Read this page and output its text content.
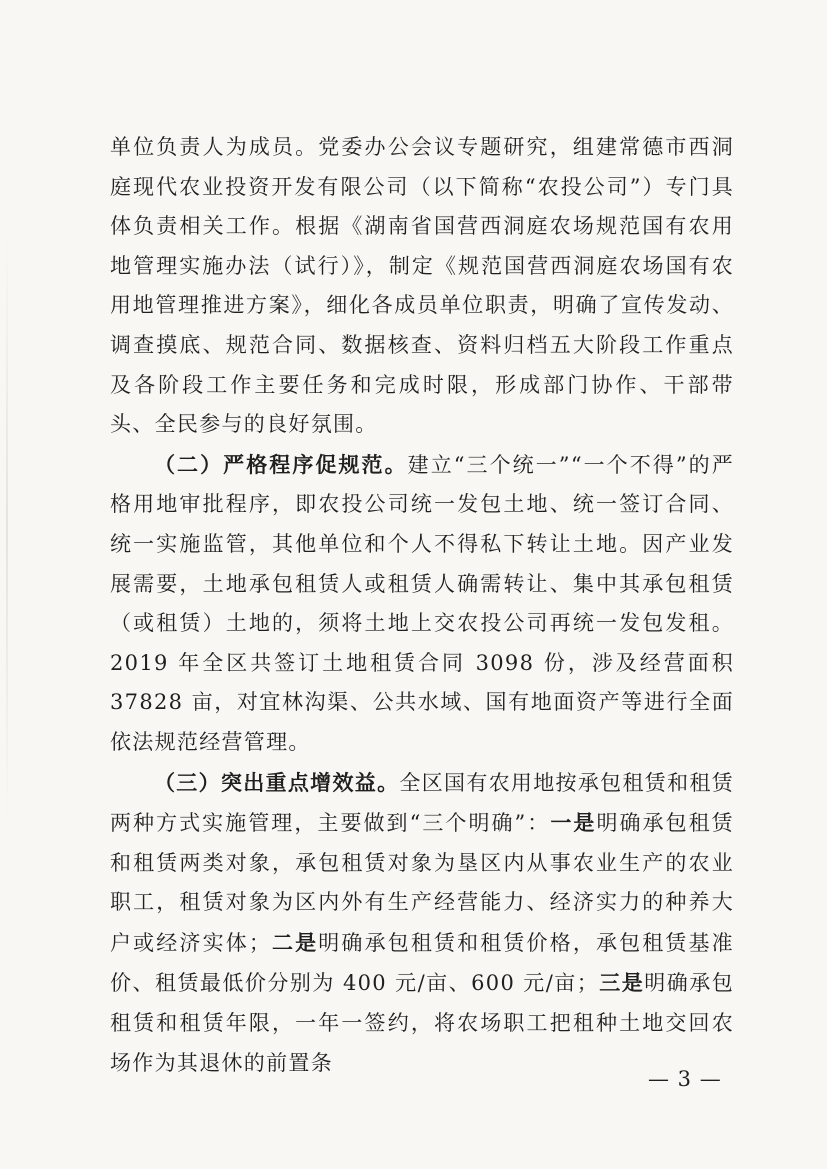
单位负责人为成员。党委办公会议专题研究，组建常德市西洞庭现代农业投资开发有限公司（以下简称“农投公司”）专门具体负责相关工作。根据《湖南省国营西洞庭农场规范国有农用地管理实施办法（试行）》，制定《规范国营西洞庭农场国有农用地管理推进方案》，细化各成员单位职责，明确了宣传发动、调查摸底、规范合同、数据核查、资料归档五大阶段工作重点及各阶段工作主要任务和完成时限，形成部门协作、干部带头、全民参与的良好氛围。

（二）严格程序促规范。建立“三个统一”“一个不得”的严格用地审批程序，即农投公司统一发包土地、统一签订合同、统一实施监管，其他单位和个人不得私下转让土地。因产业发展需要，土地承包租赁人或租赁人确需转让、集中其承包租赁（或租赁）土地的，须将土地上交农投公司再统一发包发租。2019 年全区共签订土地租赁合同 3098 份，涉及经营面积 37828 亩，对宜林沟渠、公共水域、国有地面资产等进行全面依法规范经营管理。

（三）突出重点增效益。全区国有农用地按承包租赁和租赁两种方式实施管理，主要做到“三个明确”：一是明确承包租赁和租赁两类对象，承包租赁对象为垦区内从事农业生产的农业职工，租赁对象为区内外有生产经营能力、经济实力的种养大户或经济实体；二是明确承包租赁和租赁价格，承包租赁基准价、租赁最低价分别为 400 元/亩、600 元/亩；三是明确承包租赁和租赁年限，一年一签约，将农场职工把租种土地交回农场作为其退休的前置条

— 3 —
